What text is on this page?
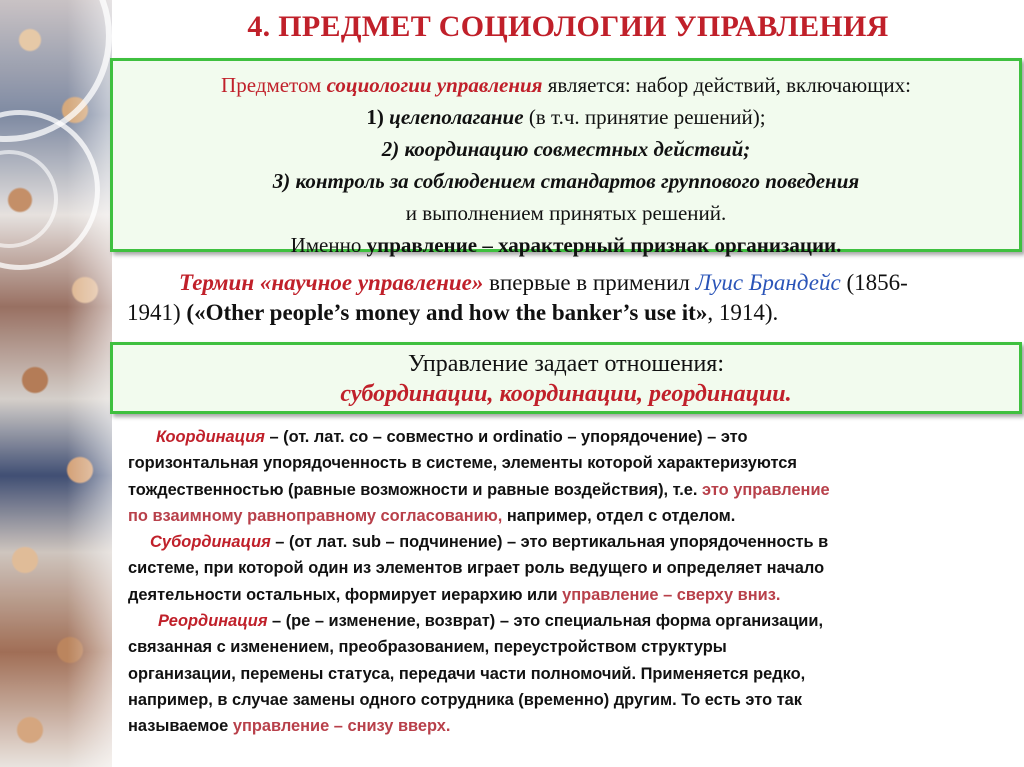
4. ПРЕДМЕТ СОЦИОЛОГИИ УПРАВЛЕНИЯ
Предметом социологии управления является: набор действий, включающих:
1) целеполагание (в т.ч. принятие решений);
2) координацию совместных действий;
3) контроль за соблюдением стандартов группового поведения
и выполнением принятых решений.
Именно управление – характерный признак организации.
Термин «научное управление» впервые в применил Луис Брандейс (1856-
1941) («Other people’s money and how the banker’s use it», 1914).
Управление задает отношения:
субординации, координации, реординации.
Координация – (от. лат. со – совместно и ordinatio – упорядочение) – это
горизонтальная упорядоченность в системе, элементы которой характеризуются
тождественностью (равные возможности и равные воздействия), т.е. это управление
по взаимному равноправному согласованию, например, отдел с отделом.
Субординация – (от лат. sub – подчинение) – это вертикальная упорядоченность в
системе, при которой один из элементов играет роль ведущего и определяет начало
деятельности остальных, формирует иерархию или управление – сверху вниз.
Реординация – (ре – изменение, возврат) – это специальная форма организации,
связанная с изменением, преобразованием, переустройством структуры
организации, перемены статуса, передачи части полномочий. Применяется редко,
например, в случае замены одного сотрудника (временно) другим. То есть это так
называемое управление – снизу вверх.
